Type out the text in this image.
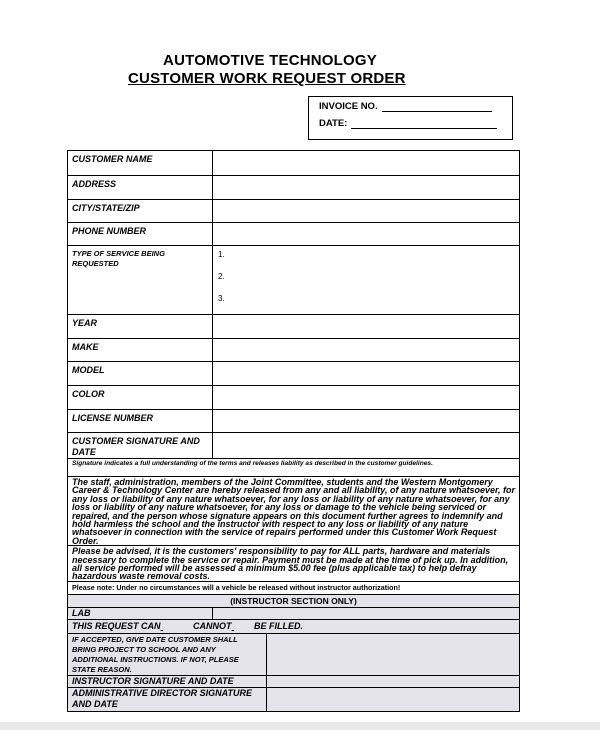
AUTOMOTIVE TECHNOLOGY
CUSTOMER WORK REQUEST ORDER
INVOICE NO.
DATE:
CUSTOMER NAME		
ADDRESS		
CITY/STATE/ZIP		
PHONE NUMBER		
TYPE OF SERVICE BEING REQUESTED	1.
2.
3.	

YEAR		
MAKE		
MODEL		
COLOR		
LICENSE NUMBER		
CUSTOMER SIGNATURE AND DATE		
Signature indicates a full understanding of the terms and releases liability as described in the customer guidelines.		
The staff, administration, members of the Joint Committee, students and the Western Montgomery Career & Technology Center are hereby released from any and all liability, of any nature whatsoever, for any loss or liability of any nature whatsoever, for any loss or liability of any nature whatsoever, for any loss or liability of any nature whatsoever, for any loss or damage to the vehicle being serviced or repaired, and the person whose signature appears on this document further agrees to indemnify and hold harmless the school and the instructor with respect to any loss or liability of any nature whatsoever in connection with the service of repairs performed under this Customer Work Request Order.		
Please be advised, it is the customers' responsibility to pay for ALL parts, hardware and materials necessary to complete the service or repair. Payment must be made at the time of pick up. In addition, all service performed will be assessed a minimum $5.00 fee (plus applicable tax) to help defray hazardous waste removal costs.		
Please note: Under no circumstances will a vehicle be released without instructor authorization!		
(INSTRUCTOR SECTION ONLY)		
LAB		
THIS REQUEST CAN CANNOT BE FILLED.		
IF ACCEPTED, GIVE DATE CUSTOMER SHALL BRING PROJECT TO SCHOOL AND ANY ADDITIONAL INSTRUCTIONS. IF NOT, PLEASE STATE REASON.		
INSTRUCTOR SIGNATURE AND DATE		
ADMINISTRATIVE DIRECTOR SIGNATURE AND DATE		
